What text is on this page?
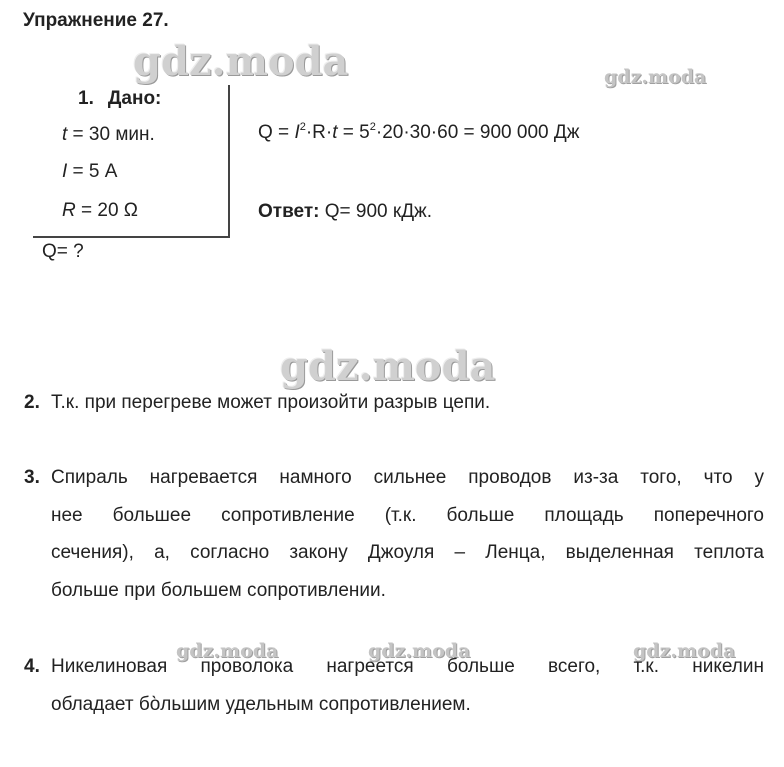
Упражнение 27.
gdz.moda	gdz.moda
gdz.moda
gdz.moda	gdz.moda	gdz.moda
1. Дано:
t = 30 мин.
I = 5 А
R = 20 Ω
Q= ?
$Q = I^2\cdot R\cdot t = 5^2\cdot 20\cdot 30\cdot 60 = 900$ 000 Дж
Ответ: Q= 900 кДж.
2. Т.к. при перегреве может произойти разрыв цепи.
3. Спираль нагревается намного сильнее проводов из-за того, что у
нее большее сопротивление (т.к. больше площадь поперечного
сечения), а, согласно закону Джоуля – Ленца, выделенная теплота
больше при большем сопротивлении.
4. Никелиновая проволока нагреется больше всего, т.к. никелин
обладает бо̀льшим удельным сопротивлением.
